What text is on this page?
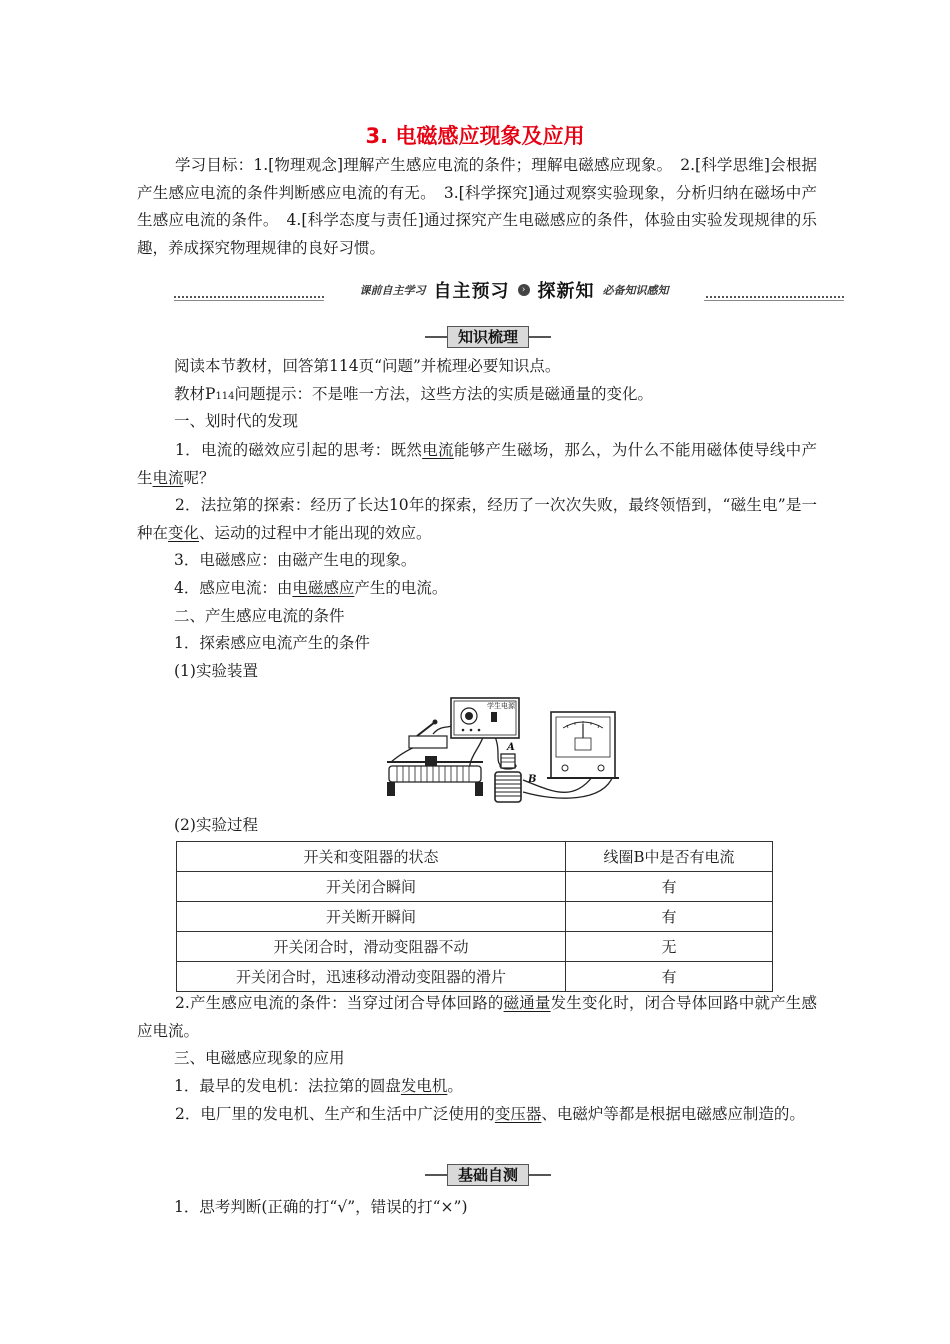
3. 电磁感应现象及应用
学习目标：1.[物理观念]理解产生感应电流的条件；理解电磁感应现象。　2.[科学思维]会根据产生感应电流的条件判断感应电流的有无。　3.[科学探究]通过观察实验现象，分析归纳在磁场中产生感应电流的条件。　4.[科学态度与责任]通过探究产生电磁感应的条件，体验由实验发现规律的乐趣，养成探究物理规律的良好习惯。
课前自主学习 自主预习	› 探新知 必备知识感知
知识梳理
阅读本节教材，回答第114页“问题”并梳理必要知识点。
教材P114问题提示：不是唯一方法，这些方法的实质是磁通量的变化。
一、划时代的发现
1．电流的磁效应引起的思考：既然电流能够产生磁场，那么，为什么不能用磁体使导线中产生电流呢？
2．法拉第的探索：经历了长达10年的探索，经历了一次次失败，最终领悟到，“磁生电”是一种在变化、运动的过程中才能出现的效应。
3．电磁感应：由磁产生电的现象。
4．感应电流：由电磁感应产生的电流。
二、产生感应电流的条件
1．探索感应电流产生的条件
(1)实验装置
学生电源
A
B
(2)实验过程
开关和变阻器的状态	线圈B中是否有电流
开关闭合瞬间	有
开关断开瞬间	有
开关闭合时，滑动变阻器不动	无
开关闭合时，迅速移动滑动变阻器的滑片	有
2.产生感应电流的条件：当穿过闭合导体回路的磁通量发生变化时，闭合导体回路中就产生感应电流。
三、电磁感应现象的应用
1．最早的发电机：法拉第的圆盘发电机。
2．电厂里的发电机、生产和生活中广泛使用的变压器、电磁炉等都是根据电磁感应制造的。
基础自测
1．思考判断(正确的打“√”，错误的打“×”)
